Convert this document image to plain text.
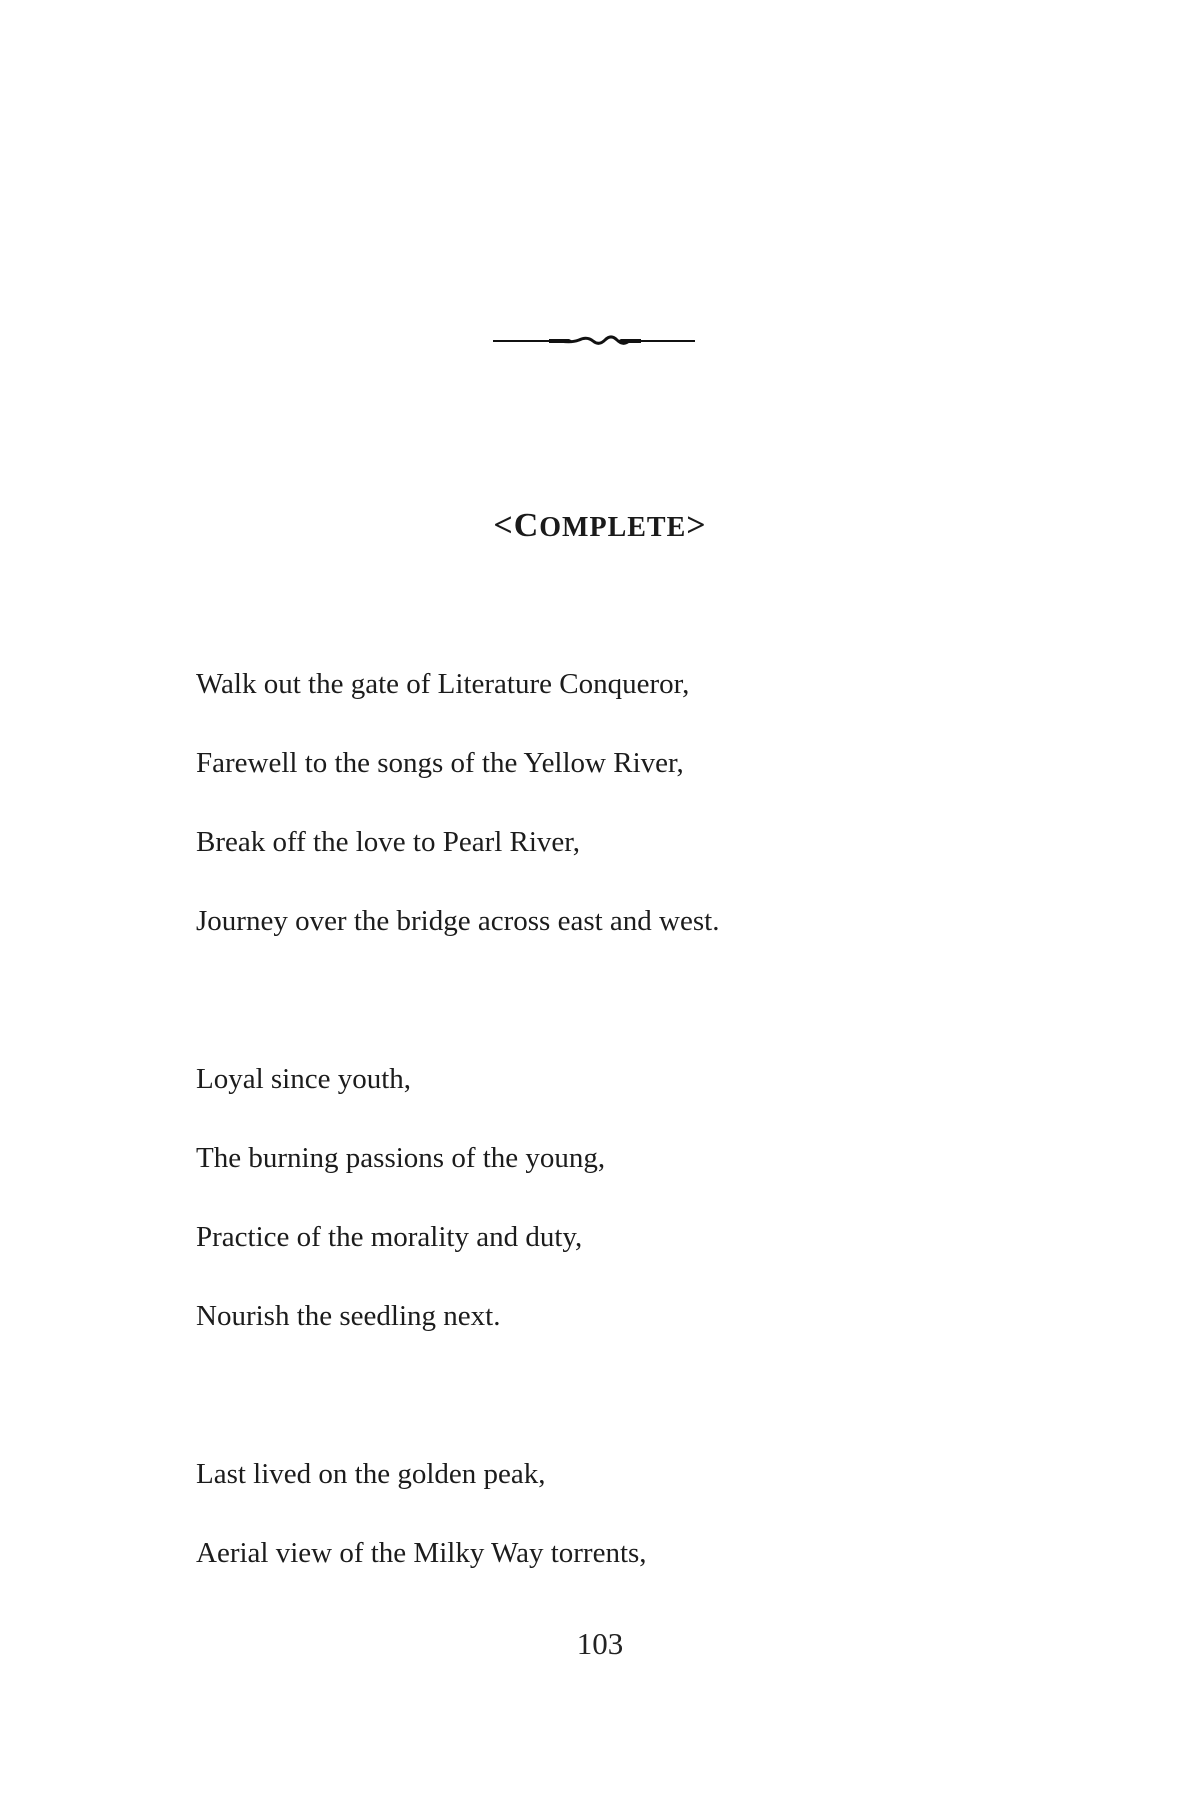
<COMPLETE>
Walk out the gate of Literature Conqueror,
Farewell to the songs of the Yellow River,
Break off the love to Pearl River,
Journey over the bridge across east and west.
Loyal since youth,
The burning passions of the young,
Practice of the morality and duty,
Nourish the seedling next.
Last lived on the golden peak,
Aerial view of the Milky Way torrents,
103
